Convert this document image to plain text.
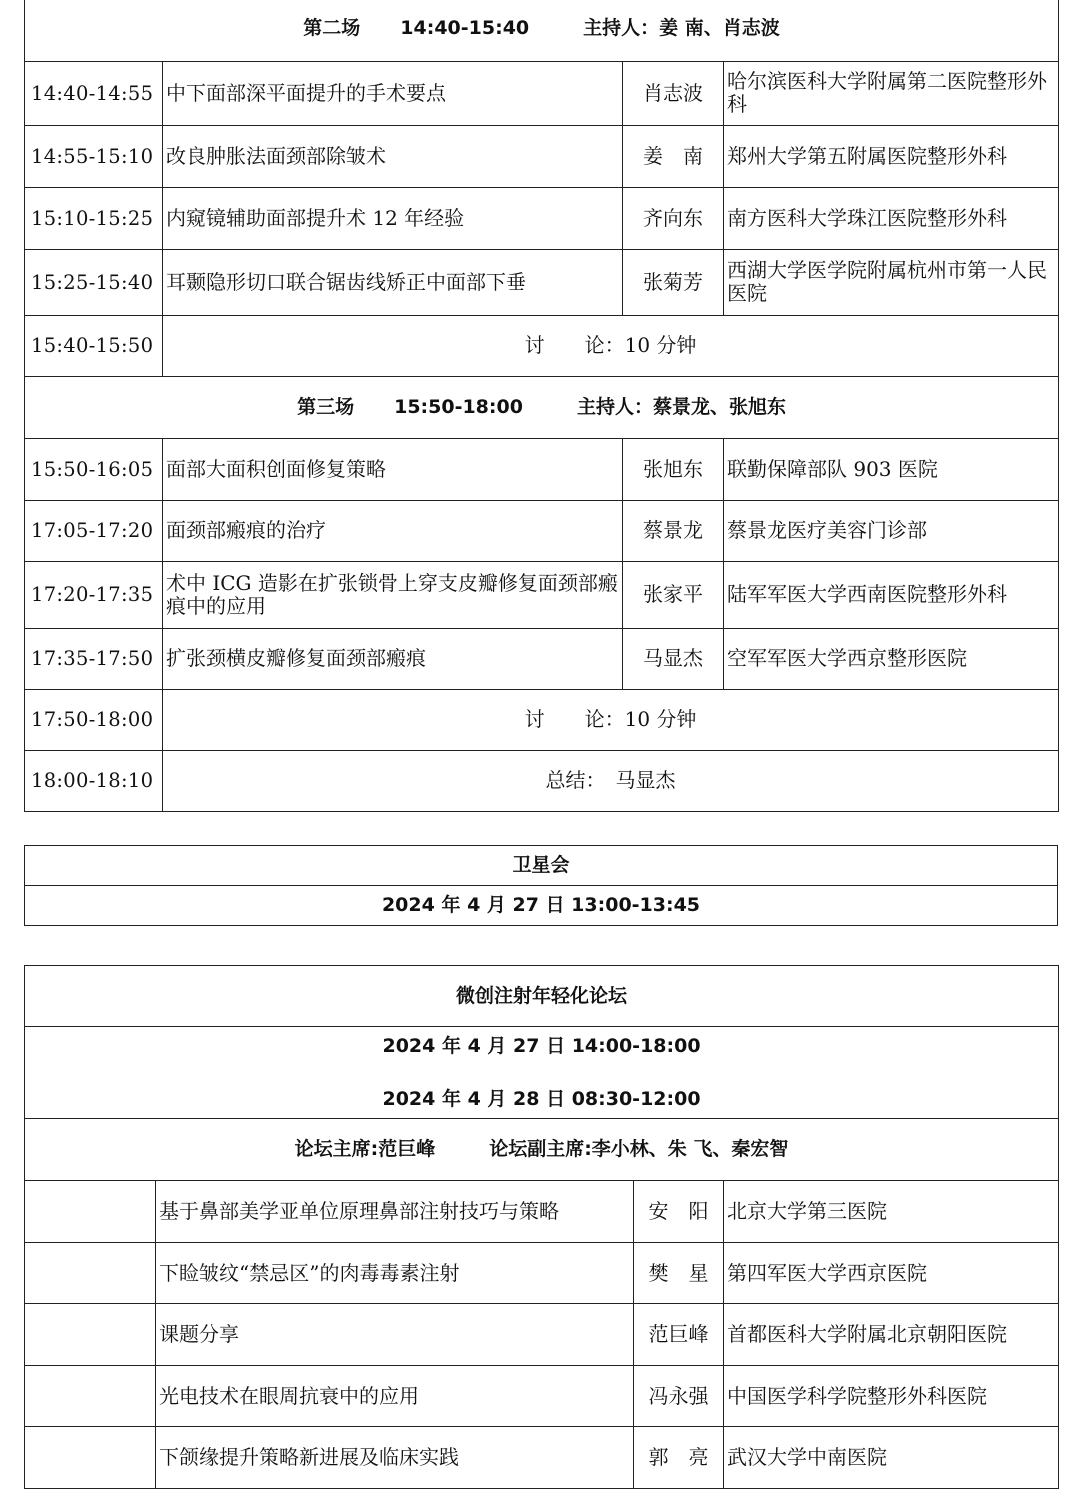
第二场 14:40-15:40 主持人：姜 南、肖志波			
14:40-14:55	中下面部深平面提升的手术要点	肖志波	哈尔滨医科大学附属第二医院整形外科
14:55-15:10	改良肿胀法面颈部除皱术	姜　南	郑州大学第五附属医院整形外科
15:10-15:25	内窥镜辅助面部提升术 12 年经验	齐向东	南方医科大学珠江医院整形外科
15:25-15:40	耳颞隐形切口联合锯齿线矫正中面部下垂	张菊芳	西湖大学医学院附属杭州市第一人民医院
15:40-15:50	讨　　论：10 分钟		
第三场 15:50-18:00 主持人：蔡景龙、张旭东			
15:50-16:05	面部大面积创面修复策略	张旭东	联勤保障部队 903 医院
17:05-17:20	面颈部瘢痕的治疗	蔡景龙	蔡景龙医疗美容门诊部
17:20-17:35	术中 ICG 造影在扩张锁骨上穿支皮瓣修复面颈部瘢痕中的应用	张家平	陆军军医大学西南医院整形外科
17:35-17:50	扩张颈横皮瓣修复面颈部瘢痕	马显杰	空军军医大学西京整形医院
17:50-18:00	讨　　论：10 分钟		
18:00-18:10	总结：　马显杰		
卫星会
2024 年 4 月 27 日 13:00-13:45
微创注射年轻化论坛			

2024 年 4 月 27 日 14:00-18:00
2024 年 4 月 28 日 08:30-12:00			

论坛主席:范巨峰 论坛副主席:李小林、朱 飞、秦宏智			
	基于鼻部美学亚单位原理鼻部注射技巧与策略	安　阳	北京大学第三医院
	下睑皱纹“禁忌区”的肉毒毒素注射	樊　星	第四军医大学西京医院
	课题分享	范巨峰	首都医科大学附属北京朝阳医院
	光电技术在眼周抗衰中的应用	冯永强	中国医学科学院整形外科医院
	下颌缘提升策略新进展及临床实践	郭　亮	武汉大学中南医院
